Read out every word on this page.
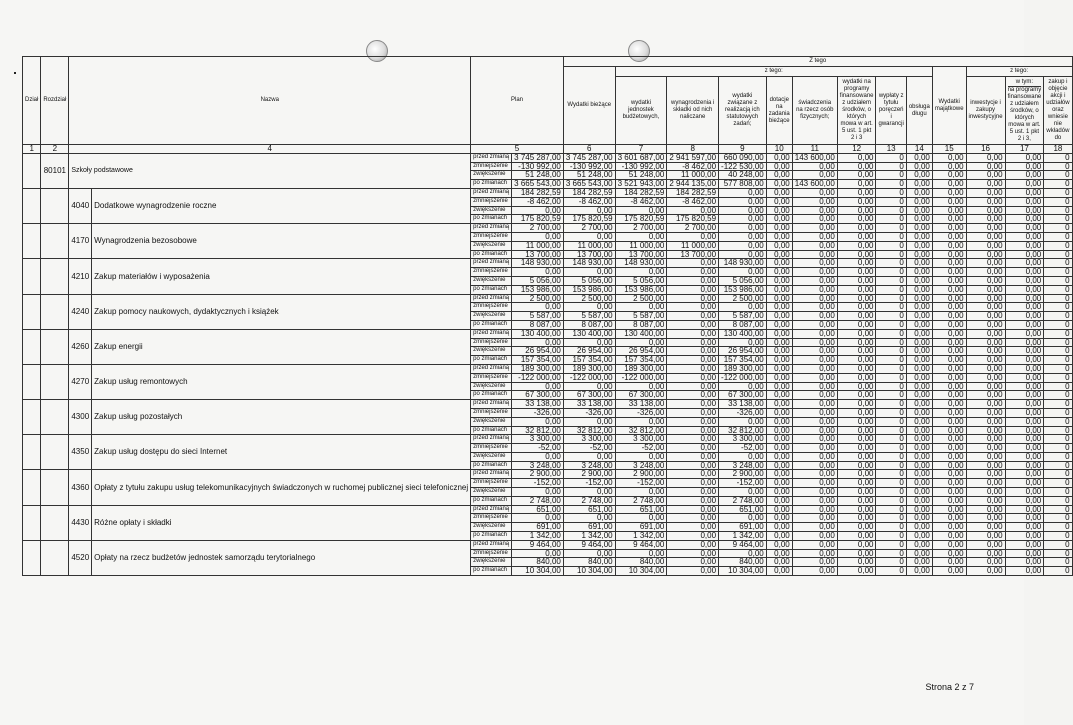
Dział	Rozdział	Nazwa		Plan		Z tego												
						Wydatki bieżące	z tego:								Wydatki majątkowe	z tego:		

							wydatki jednostek budżetowych,	wynagrodzenia i składki od nich naliczane	wydatki związane z realizacją ich statutowych zadań;	dotacje na zadania bieżące	świadczenia na rzecz osób fizycznych;	wydatki na programy finansowane z udziałem środków, o których mowa w art. 5 ust. 1 pkt 2 i 3	wypłaty z tytułu poręczeń i gwarancji	obsługa długu		inwestycje i zakupy inwestycyjne	w tym:
na programy finansowane z udziałem środków, o których mowa w art. 5 ust. 1 pkt 2 i 3,	zakup i objęcie akcji i udziałów oraz wniesie nie wkładów do
1	2	4		5		6	7	8	9	10	11	12	13	14	15	16	17	18
	80101	Szkoły podstawowe		przed zmianą	3 745 287,00	3 745 287,00	3 601 687,00	2 941 597,00	660 090,00	0,00	143 600,00	0,00	0	0,00	0,00	0,00	0,00	0
				zmniejszenie	-130 992,00	-130 992,00	-130 992,00	-8 462,00	-122 530,00	0,00	0,00	0,00	0	0,00	0,00	0,00	0,00	0
				zwiększenie	51 248,00	51 248,00	51 248,00	11 000,00	40 248,00	0,00	0,00	0,00	0	0,00	0,00	0,00	0,00	0
				po zmianach	3 665 543,00	3 665 543,00	3 521 943,00	2 944 135,00	577 808,00	0,00	143 600,00	0,00	0	0,00	0,00	0,00	0,00	0
		4040	Dodatkowe wynagrodzenie roczne	przed zmianą	184 282,59	184 282,59	184 282,59	184 282,59	0,00	0,00	0,00	0,00	0	0,00	0,00	0,00	0,00	0
				zmniejszenie	-8 462,00	-8 462,00	-8 462,00	-8 462,00	0,00	0,00	0,00	0,00	0	0,00	0,00	0,00	0,00	0
				zwiększenie	0,00	0,00	0,00	0,00	0,00	0,00	0,00	0,00	0	0,00	0,00	0,00	0,00	0
				po zmianach	175 820,59	175 820,59	175 820,59	175 820,59	0,00	0,00	0,00	0,00	0	0,00	0,00	0,00	0,00	0
		4170	Wynagrodzenia bezosobowe	przed zmianą	2 700,00	2 700,00	2 700,00	2 700,00	0,00	0,00	0,00	0,00	0	0,00	0,00	0,00	0,00	0
				zmniejszenie	0,00	0,00	0,00	0,00	0,00	0,00	0,00	0,00	0	0,00	0,00	0,00	0,00	0
				zwiększenie	11 000,00	11 000,00	11 000,00	11 000,00	0,00	0,00	0,00	0,00	0	0,00	0,00	0,00	0,00	0
				po zmianach	13 700,00	13 700,00	13 700,00	13 700,00	0,00	0,00	0,00	0,00	0	0,00	0,00	0,00	0,00	0
		4210	Zakup materiałów i wyposażenia	przed zmianą	148 930,00	148 930,00	148 930,00	0,00	148 930,00	0,00	0,00	0,00	0	0,00	0,00	0,00	0,00	0
				zmniejszenie	0,00	0,00	0,00	0,00	0,00	0,00	0,00	0,00	0	0,00	0,00	0,00	0,00	0
				zwiększenie	5 056,00	5 056,00	5 056,00	0,00	5 056,00	0,00	0,00	0,00	0	0,00	0,00	0,00	0,00	0
				po zmianach	153 986,00	153 986,00	153 986,00	0,00	153 986,00	0,00	0,00	0,00	0	0,00	0,00	0,00	0,00	0
		4240	Zakup pomocy naukowych, dydaktycznych i książek	przed zmianą	2 500,00	2 500,00	2 500,00	0,00	2 500,00	0,00	0,00	0,00	0	0,00	0,00	0,00	0,00	0
				zmniejszenie	0,00	0,00	0,00	0,00	0,00	0,00	0,00	0,00	0	0,00	0,00	0,00	0,00	0
				zwiększenie	5 587,00	5 587,00	5 587,00	0,00	5 587,00	0,00	0,00	0,00	0	0,00	0,00	0,00	0,00	0
				po zmianach	8 087,00	8 087,00	8 087,00	0,00	8 087,00	0,00	0,00	0,00	0	0,00	0,00	0,00	0,00	0
		4260	Zakup energii	przed zmianą	130 400,00	130 400,00	130 400,00	0,00	130 400,00	0,00	0,00	0,00	0	0,00	0,00	0,00	0,00	0
				zmniejszenie	0,00	0,00	0,00	0,00	0,00	0,00	0,00	0,00	0	0,00	0,00	0,00	0,00	0
				zwiększenie	26 954,00	26 954,00	26 954,00	0,00	26 954,00	0,00	0,00	0,00	0	0,00	0,00	0,00	0,00	0
				po zmianach	157 354,00	157 354,00	157 354,00	0,00	157 354,00	0,00	0,00	0,00	0	0,00	0,00	0,00	0,00	0
		4270	Zakup usług remontowych	przed zmianą	189 300,00	189 300,00	189 300,00	0,00	189 300,00	0,00	0,00	0,00	0	0,00	0,00	0,00	0,00	0
				zmniejszenie	-122 000,00	-122 000,00	-122 000,00	0,00	-122 000,00	0,00	0,00	0,00	0	0,00	0,00	0,00	0,00	0
				zwiększenie	0,00	0,00	0,00	0,00	0,00	0,00	0,00	0,00	0	0,00	0,00	0,00	0,00	0
				po zmianach	67 300,00	67 300,00	67 300,00	0,00	67 300,00	0,00	0,00	0,00	0	0,00	0,00	0,00	0,00	0
		4300	Zakup usług pozostałych	przed zmianą	33 138,00	33 138,00	33 138,00	0,00	33 138,00	0,00	0,00	0,00	0	0,00	0,00	0,00	0,00	0
				zmniejszenie	-326,00	-326,00	-326,00	0,00	-326,00	0,00	0,00	0,00	0	0,00	0,00	0,00	0,00	0
				zwiększenie	0,00	0,00	0,00	0,00	0,00	0,00	0,00	0,00	0	0,00	0,00	0,00	0,00	0
				po zmianach	32 812,00	32 812,00	32 812,00	0,00	32 812,00	0,00	0,00	0,00	0	0,00	0,00	0,00	0,00	0
		4350	Zakup usług dostępu do sieci Internet	przed zmianą	3 300,00	3 300,00	3 300,00	0,00	3 300,00	0,00	0,00	0,00	0	0,00	0,00	0,00	0,00	0
				zmniejszenie	-52,00	-52,00	-52,00	0,00	-52,00	0,00	0,00	0,00	0	0,00	0,00	0,00	0,00	0
				zwiększenie	0,00	0,00	0,00	0,00	0,00	0,00	0,00	0,00	0	0,00	0,00	0,00	0,00	0
				po zmianach	3 248,00	3 248,00	3 248,00	0,00	3 248,00	0,00	0,00	0,00	0	0,00	0,00	0,00	0,00	0
		4360	Opłaty z tytułu zakupu usług telekomunikacyjnych świadczonych w ruchomej publicznej sieci telefonicznej	przed zmianą	2 900,00	2 900,00	2 900,00	0,00	2 900,00	0,00	0,00	0,00	0	0,00	0,00	0,00	0,00	0
				zmniejszenie	-152,00	-152,00	-152,00	0,00	-152,00	0,00	0,00	0,00	0	0,00	0,00	0,00	0,00	0
				zwiększenie	0,00	0,00	0,00	0,00	0,00	0,00	0,00	0,00	0	0,00	0,00	0,00	0,00	0
				po zmianach	2 748,00	2 748,00	2 748,00	0,00	2 748,00	0,00	0,00	0,00	0	0,00	0,00	0,00	0,00	0
		4430	Różne opłaty i składki	przed zmianą	651,00	651,00	651,00	0,00	651,00	0,00	0,00	0,00	0	0,00	0,00	0,00	0,00	0
				zmniejszenie	0,00	0,00	0,00	0,00	0,00	0,00	0,00	0,00	0	0,00	0,00	0,00	0,00	0
				zwiększenie	691,00	691,00	691,00	0,00	691,00	0,00	0,00	0,00	0	0,00	0,00	0,00	0,00	0
				po zmianach	1 342,00	1 342,00	1 342,00	0,00	1 342,00	0,00	0,00	0,00	0	0,00	0,00	0,00	0,00	0
		4520	Opłaty na rzecz budżetów jednostek samorządu terytorialnego	przed zmianą	9 464,00	9 464,00	9 464,00	0,00	9 464,00	0,00	0,00	0,00	0	0,00	0,00	0,00	0,00	0
				zmniejszenie	0,00	0,00	0,00	0,00	0,00	0,00	0,00	0,00	0	0,00	0,00	0,00	0,00	0
				zwiększenie	840,00	840,00	840,00	0,00	840,00	0,00	0,00	0,00	0	0,00	0,00	0,00	0,00	0
				po zmianach	10 304,00	10 304,00	10 304,00	0,00	10 304,00	0,00	0,00	0,00	0	0,00	0,00	0,00	0,00	0
Strona 2 z 7
